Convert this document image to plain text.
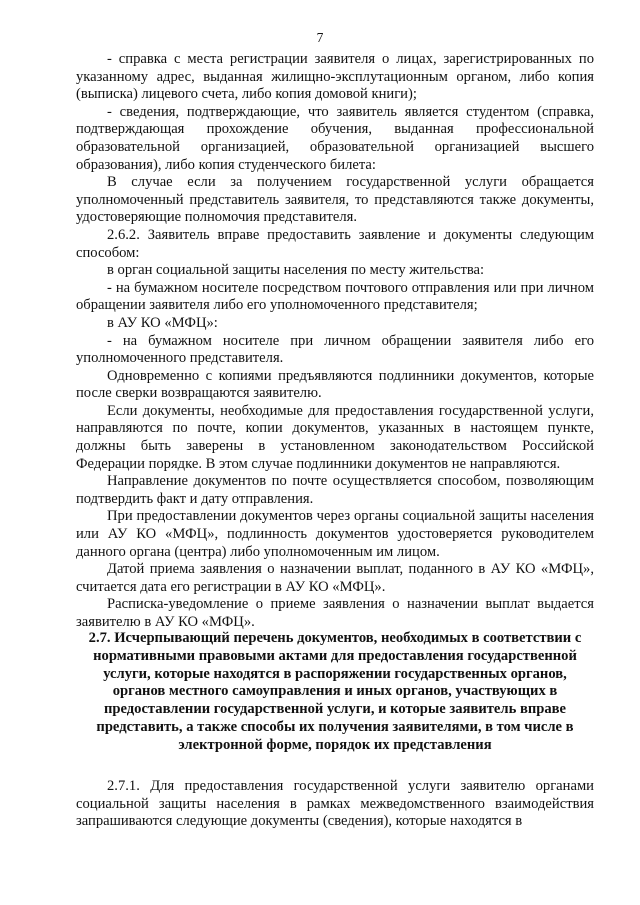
7

- справка с места регистрации заявителя о лицах, зарегистрированных по указанному адрес, выданная жилищно-эксплутационным органом, либо копия (выписка) лицевого счета, либо копия домовой книги);

- сведения, подтверждающие, что заявитель является студентом (справка, подтверждающая прохождение обучения, выданная профессиональной образовательной организацией, образовательной организацией высшего образования), либо копия студенческого билета:

В случае если за получением государственной услуги обращается уполномоченный представитель заявителя, то представляются также документы, удостоверяющие полномочия представителя.

2.6.2. Заявитель вправе предоставить заявление и документы следующим способом:

в орган социальной защиты населения по месту жительства:

- на бумажном носителе посредством почтового отправления или при личном обращении заявителя либо его уполномоченного представителя;

в АУ КО «МФЦ»:

- на бумажном носителе при личном обращении заявителя либо его уполномоченного представителя.

Одновременно с копиями предъявляются подлинники документов, которые после сверки возвращаются заявителю.

Если документы, необходимые для предоставления государственной услуги, направляются по почте, копии документов, указанных в настоящем пункте, должны быть заверены в установленном законодательством Российской Федерации порядке. В этом случае подлинники документов не направляются.

Направление документов по почте осуществляется способом, позволяющим подтвердить факт и дату отправления.

При предоставлении документов через органы социальной защиты населения или АУ КО «МФЦ», подлинность документов удостоверяется руководителем данного органа (центра) либо уполномоченным им лицом.

Датой приема заявления о назначении выплат, поданного в АУ КО «МФЦ», считается дата его регистрации в АУ КО «МФЦ».

Расписка-уведомление о приеме заявления о назначении выплат выдается заявителю в АУ КО «МФЦ».

2.7. Исчерпывающий перечень документов, необходимых в соответствии с нормативными правовыми актами для предоставления государственной услуги, которые находятся в распоряжении государственных органов, органов местного самоуправления и иных органов, участвующих в предоставлении государственной услуги, и которые заявитель вправе представить, а также способы их получения заявителями, в том числе в электронной форме, порядок их представления

2.7.1. Для предоставления государственной услуги заявителю органами социальной защиты населения в рамках межведомственного взаимодействия запрашиваются следующие документы (сведения), которые находятся в
